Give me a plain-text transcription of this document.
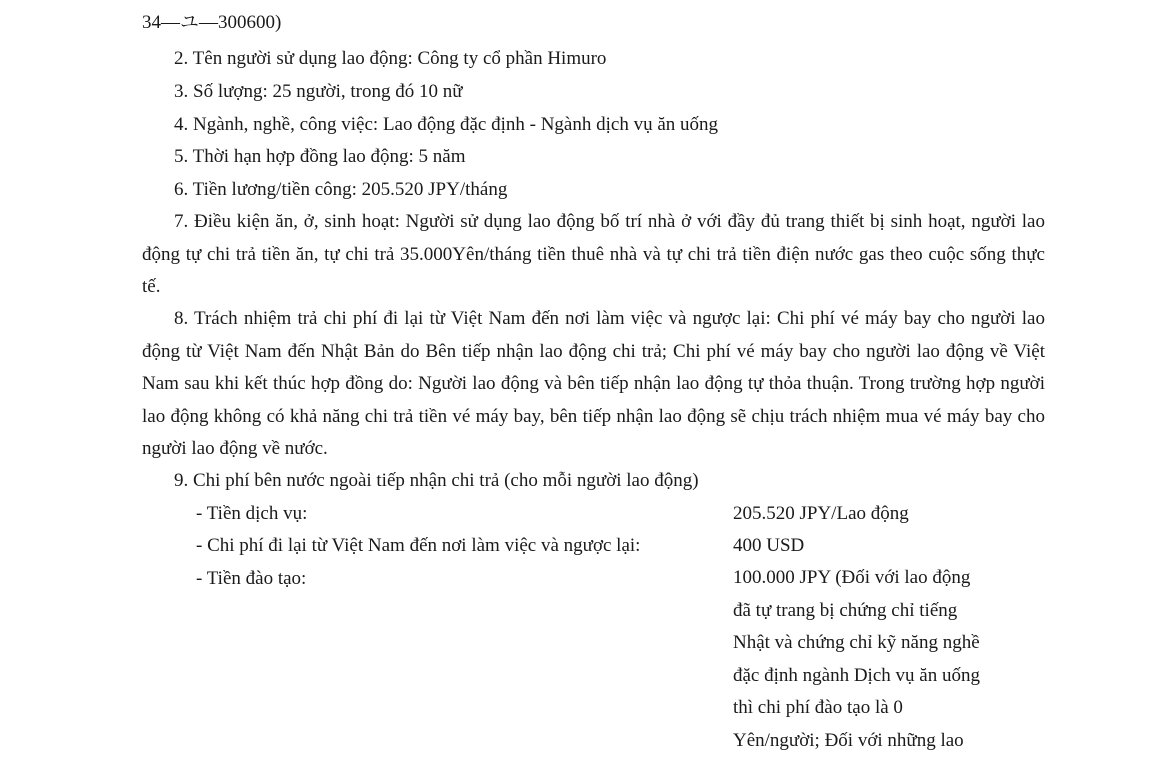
34—ユ—300600)
2. Tên người sử dụng lao động: Công ty cổ phần Himuro
3. Số lượng: 25 người, trong đó 10 nữ
4. Ngành, nghề, công việc: Lao động đặc định - Ngành dịch vụ ăn uống
5. Thời hạn hợp đồng lao động: 5 năm
6. Tiền lương/tiền công: 205.520 JPY/tháng
7. Điều kiện ăn, ở, sinh hoạt: Người sử dụng lao động bố trí nhà ở với đầy đủ trang thiết bị sinh hoạt, người lao động tự chi trả tiền ăn, tự chi trả 35.000Yên/tháng tiền thuê nhà và tự chi trả tiền điện nước gas theo cuộc sống thực tế.
8. Trách nhiệm trả chi phí đi lại từ Việt Nam đến nơi làm việc và ngược lại: Chi phí vé máy bay cho người lao động từ Việt Nam đến Nhật Bản do Bên tiếp nhận lao động chi trả; Chi phí vé máy bay cho người lao động về Việt Nam sau khi kết thúc hợp đồng do: Người lao động và bên tiếp nhận lao động tự thỏa thuận. Trong trường hợp người lao động không có khả năng chi trả tiền vé máy bay, bên tiếp nhận lao động sẽ chịu trách nhiệm mua vé máy bay cho người lao động về nước.
9. Chi phí bên nước ngoài tiếp nhận chi trả (cho mỗi người lao động)
- Tiền dịch vụ:	205.520 JPY/Lao động
- Chi phí đi lại từ Việt Nam đến nơi làm việc và ngược lại:	400 USD
- Tiền đào tạo:	100.000 JPY (Đối với lao động
đã tự trang bị chứng chỉ tiếng
Nhật và chứng chỉ kỹ năng nghề
đặc định ngành Dịch vụ ăn uống
thì chi phí đào tạo là 0
Yên/người; Đối với những lao
